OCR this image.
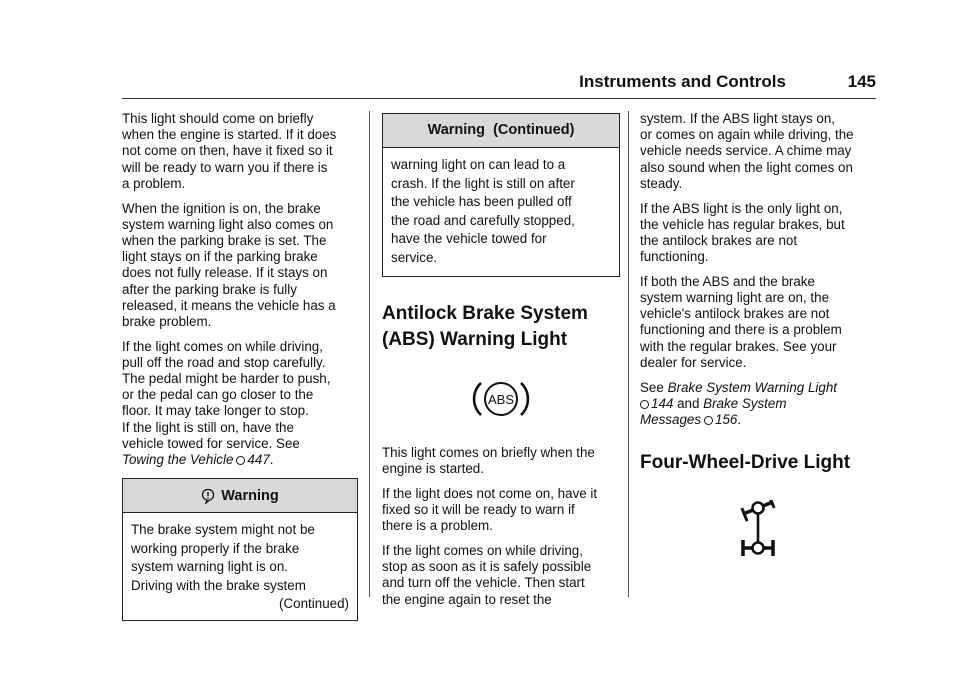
Instruments and Controls	145

This light should come on briefly
when the engine is started. If it does
not come on then, have it fixed so it
will be ready to warn you if there is
a problem.

When the ignition is on, the brake
system warning light also comes on
when the parking brake is set. The
light stays on if the parking brake
does not fully release. If it stays on
after the parking brake is fully
released, it means the vehicle has a
brake problem.

If the light comes on while driving,
pull off the road and stop carefully.
The pedal might be harder to push,
or the pedal can go closer to the
floor. It may take longer to stop.
If the light is still on, have the
vehicle towed for service. See
Towing the Vehicle 447.

Warning
The brake system might not be
working properly if the brake
system warning light is on.
Driving with the brake system
(Continued)
Warning  (Continued)
warning light on can lead to a
crash. If the light is still on after
the vehicle has been pulled off
the road and carefully stopped,
have the vehicle towed for
service.
Antilock Brake System
(ABS) Warning Light
ABS

This light comes on briefly when the
engine is started.

If the light does not come on, have it
fixed so it will be ready to warn if
there is a problem.

If the light comes on while driving,
stop as soon as it is safely possible
and turn off the vehicle. Then start
the engine again to reset the

system. If the ABS light stays on,
or comes on again while driving, the
vehicle needs service. A chime may
also sound when the light comes on
steady.

If the ABS light is the only light on,
the vehicle has regular brakes, but
the antilock brakes are not
functioning.

If both the ABS and the brake
system warning light are on, the
vehicle's antilock brakes are not
functioning and there is a problem
with the regular brakes. See your
dealer for service.

See Brake System Warning Light
144 and Brake System
Messages 156.

Four-Wheel-Drive Light
